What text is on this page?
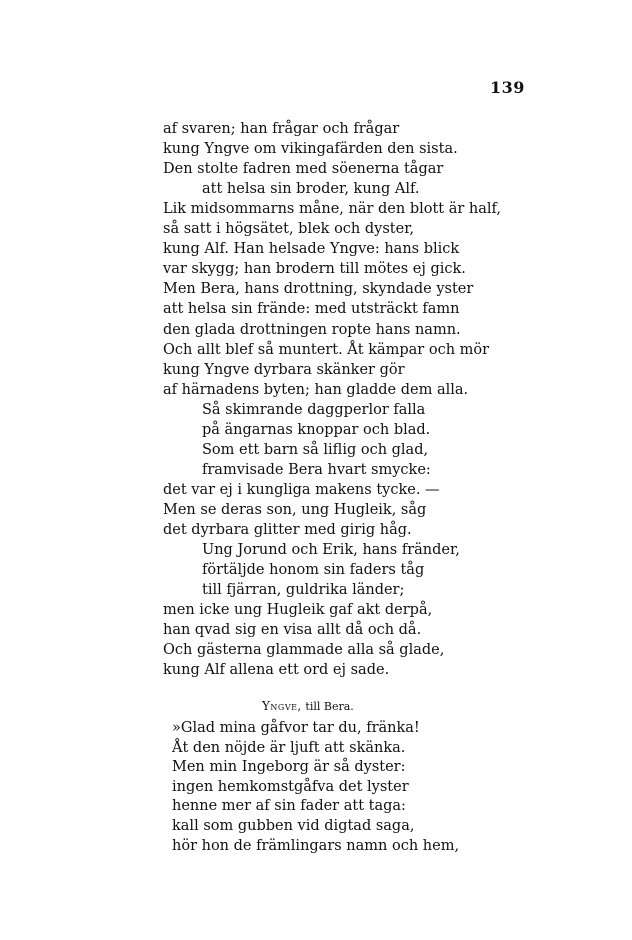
139
af svaren; han frågar och frågar
kung Yngve om vikingafärden den sista.
Den stolte fadren med söenerna tågar
att helsa sin broder, kung Alf.
Lik midsommarns måne, när den blott är half,
så satt i högsätet, blek och dyster,
kung Alf. Han helsade Yngve: hans blick
var skygg; han brodern till mötes ej gick.
Men Bera, hans drottning, skyndade yster
att helsa sin frände: med utsträckt famn
den glada drottningen ropte hans namn.
Och allt blef så muntert. Åt kämpar och mör
kung Yngve dyrbara skänker gör
af härnadens byten; han gladde dem alla.
Så skimrande daggperlor falla
på ängarnas knoppar och blad.
Som ett barn så liflig och glad,
framvisade Bera hvart smycke:
det var ej i kungliga makens tycke. —
Men se deras son, ung Hugleik, såg
det dyrbara glitter med girig håg.
Ung Jorund och Erik, hans fränder,
förtäljde honom sin faders tåg
till fjärran, guldrika länder;
men icke ung Hugleik gaf akt derpå,
han qvad sig en visa allt då och då.
Och gästerna glammade alla så glade,
kung Alf allena ett ord ej sade.
Yngve, till Bera.
»Glad mina gåfvor tar du, fränka!
Åt den nöjde är ljuft att skänka.
Men min Ingeborg är så dyster:
ingen hemkomstgåfva det lyster
henne mer af sin fader att taga:
kall som gubben vid digtad saga,
hör hon de främlingars namn och hem,
